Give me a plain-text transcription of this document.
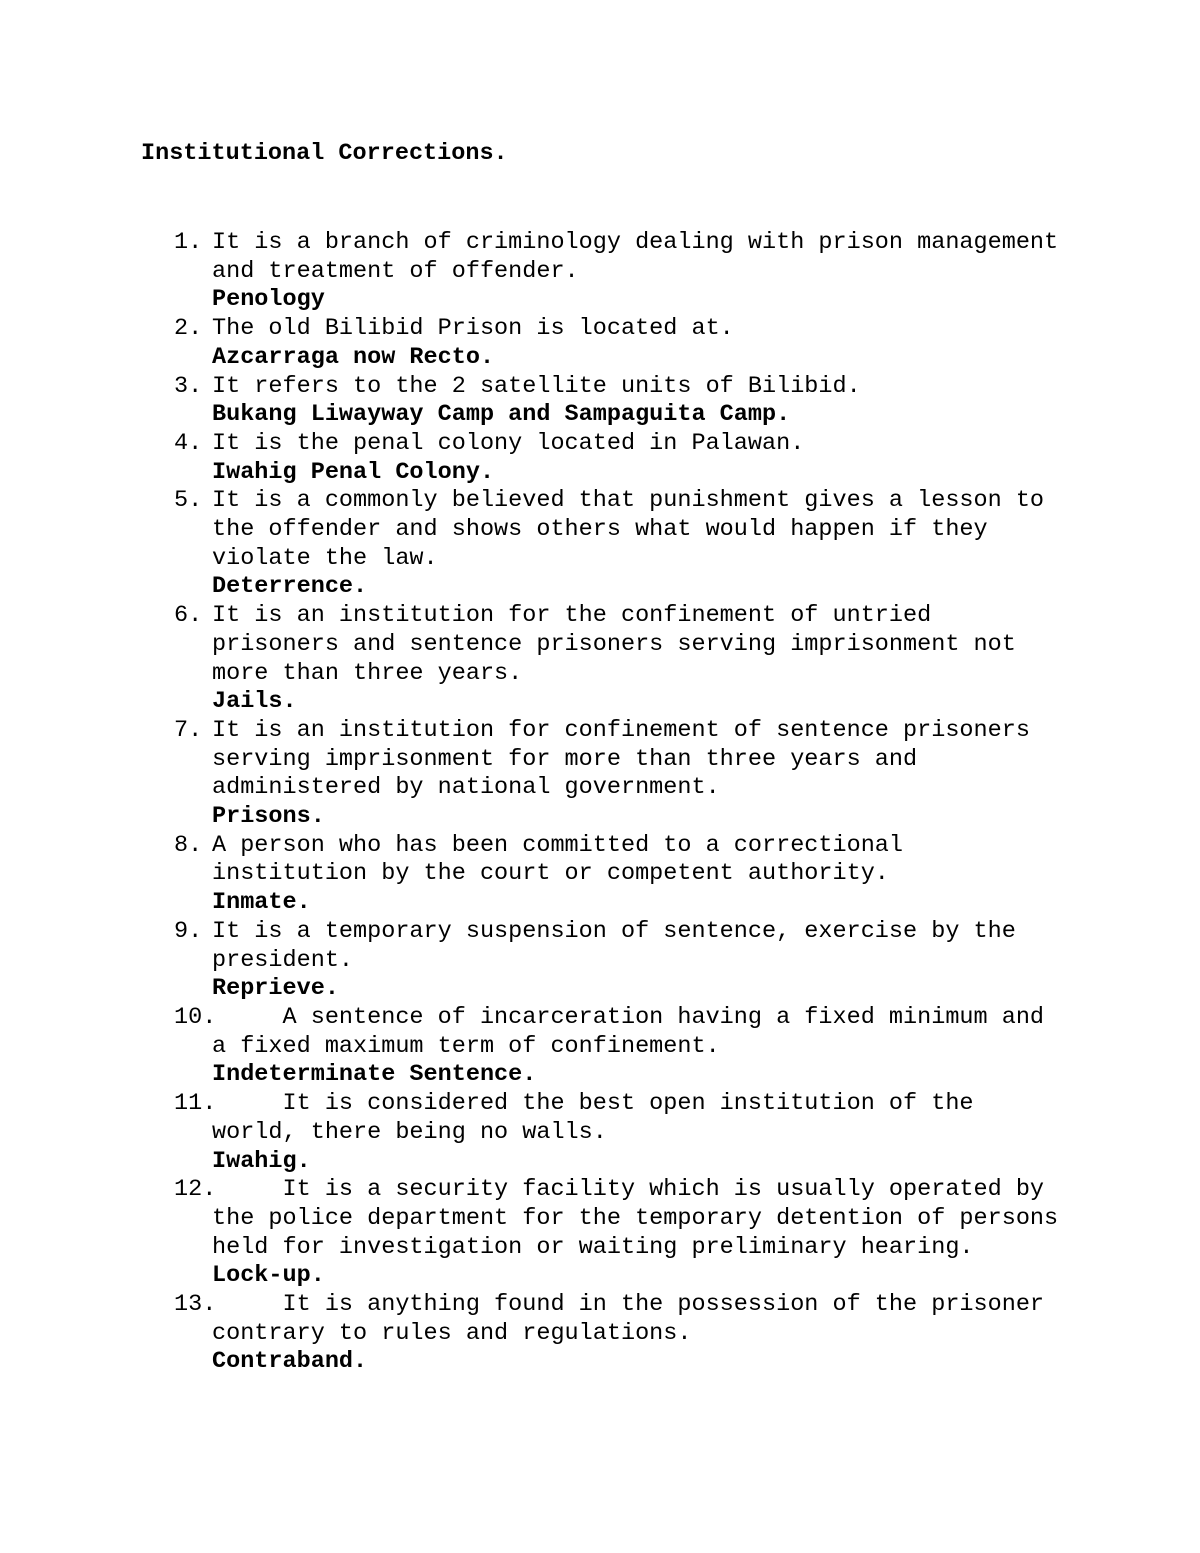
Institutional Corrections.
1. It is a branch of criminology dealing with prison management
and treatment of offender.
Penology
2. The old Bilibid Prison is located at.
Azcarraga now Recto.
3. It refers to the 2 satellite units of Bilibid.
Bukang Liwayway Camp and Sampaguita Camp.
4. It is the penal colony located in Palawan.
Iwahig Penal Colony.
5. It is a commonly believed that punishment gives a lesson to
the offender and shows others what would happen if they
violate the law.
Deterrence.
6. It is an institution for the confinement of untried
prisoners and sentence prisoners serving imprisonment not
more than three years.
Jails.
7. It is an institution for confinement of sentence prisoners
serving imprisonment for more than three years and
administered by national government.
Prisons.
8. A person who has been committed to a correctional
institution by the court or competent authority.
Inmate.
9. It is a temporary suspension of sentence, exercise by the
president.
Reprieve.
10.
A sentence of incarceration having a fixed minimum and
a fixed maximum term of confinement.
Indeterminate Sentence.
11.
It is considered the best open institution of the
world, there being no walls.
Iwahig.
12.
It is a security facility which is usually operated by
the police department for the temporary detention of persons
held for investigation or waiting preliminary hearing.
Lock-up.
13.
It is anything found in the possession of the prisoner
contrary to rules and regulations.
Contraband.
